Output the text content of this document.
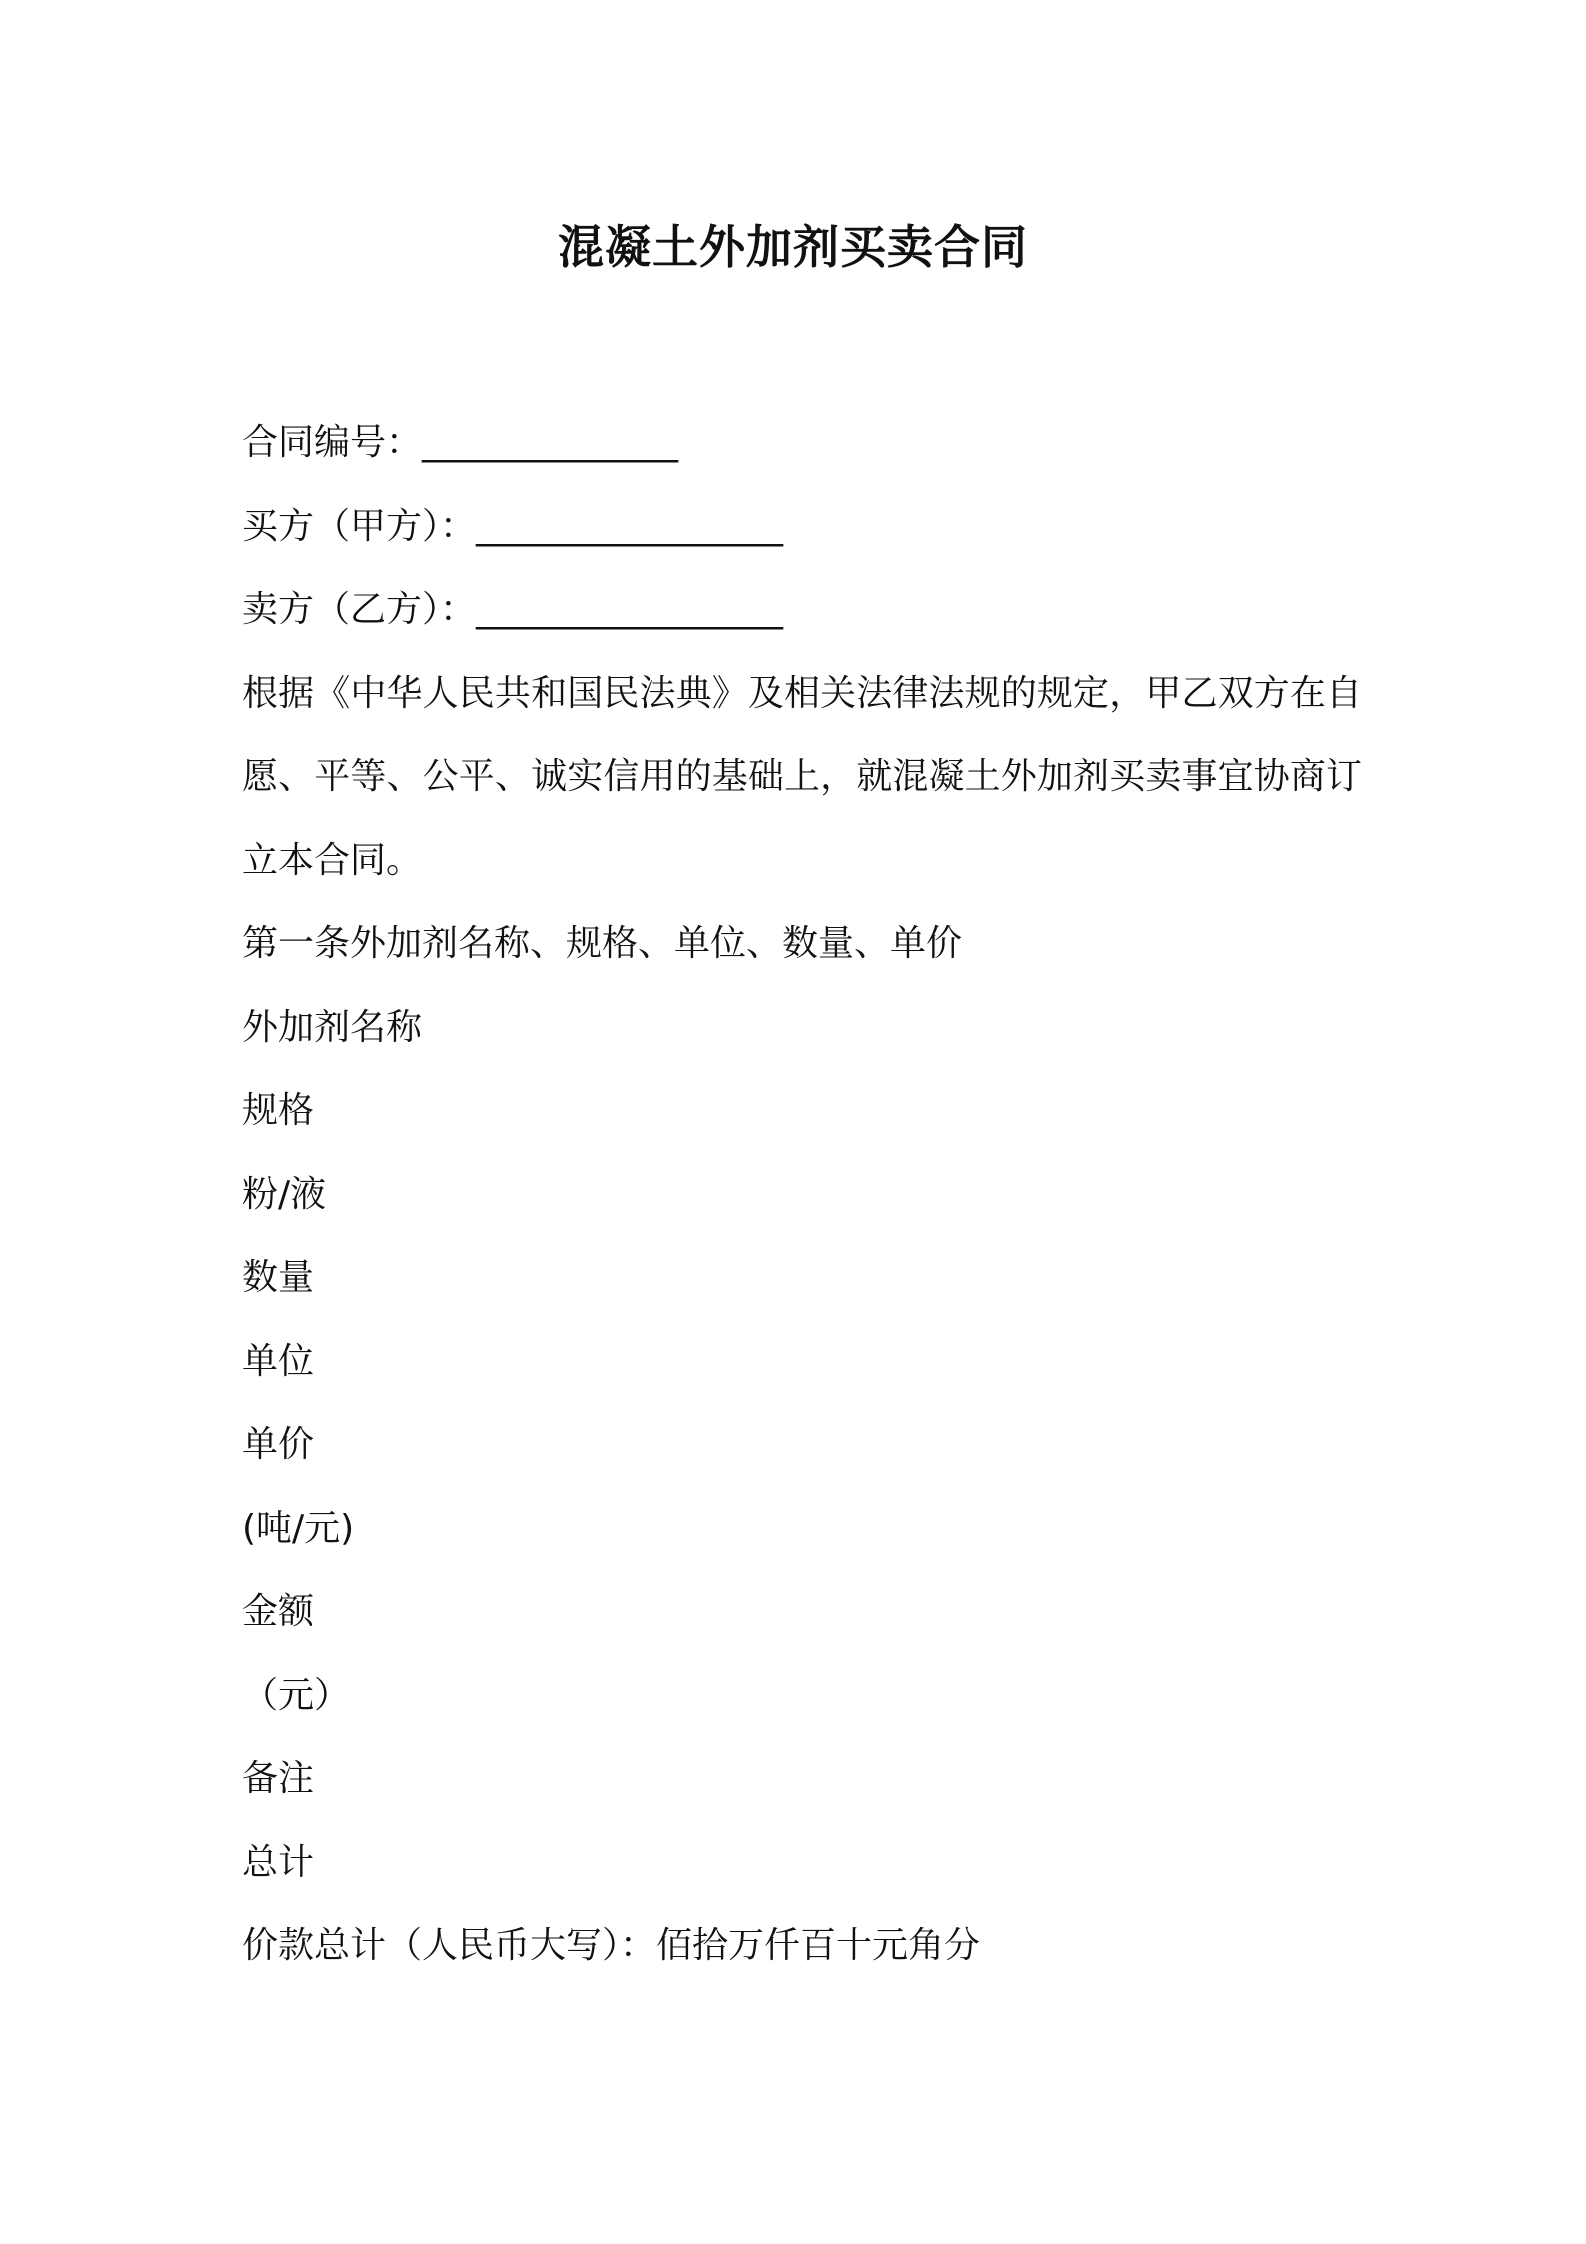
混凝土外加剂买卖合同
合同编号：_______________
买方（甲方）：__________________
卖方（乙方）：__________________
根据《中华人民共和国民法典》及相关法律法规的规定，甲乙双方在自愿、平等、公平、诚实信用的基础上，就混凝土外加剂买卖事宜协商订立本合同。
第一条外加剂名称、规格、单位、数量、单价
外加剂名称
规格
粉/液
数量
单位
单价
(吨/元)
金额
（元）
备注
总计
价款总计（人民币大写）：佰拾万仟百十元角分
